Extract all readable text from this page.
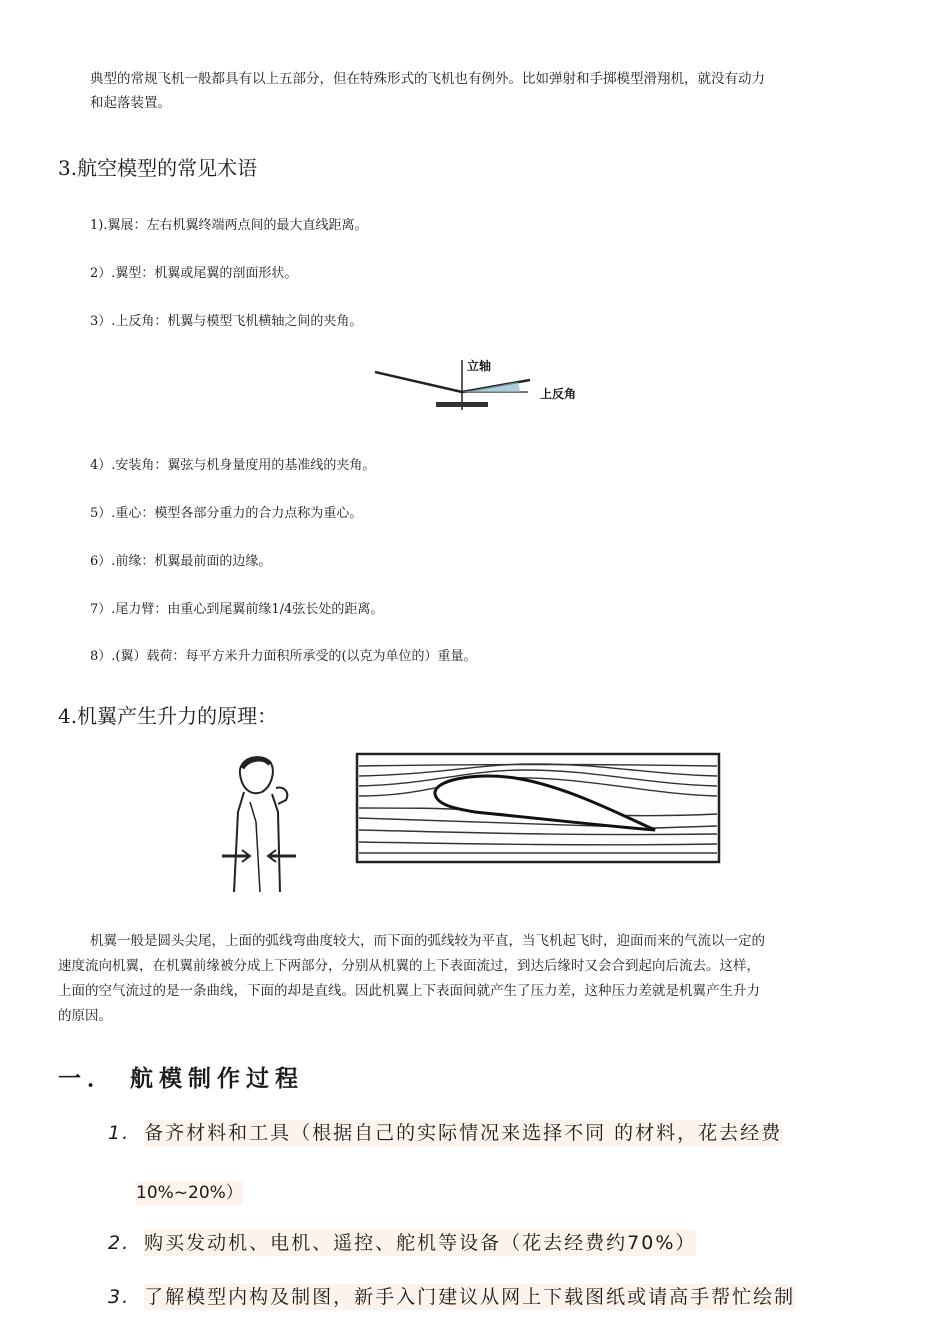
典型的常规飞机一般都具有以上五部分，但在特殊形式的飞机也有例外。比如弹射和手掷模型滑翔机，就没有动力
和起落装置。
3.航空模型的常见术语
1).翼展：左右机翼终端两点间的最大直线距离。
2）.翼型：机翼或尾翼的剖面形状。
3）.上反角：机翼与模型飞机横轴之间的夹角。
立轴
上反角
4）.安装角：翼弦与机身量度用的基准线的夹角。
5）.重心：模型各部分重力的合力点称为重心。
6）.前缘：机翼最前面的边缘。
7）.尾力臂：由重心到尾翼前缘1/4弦长处的距离。
8）.(翼）载荷：每平方米升力面积所承受的(以克为单位的）重量。
4.机翼产生升力的原理：
机翼一般是圆头尖尾，上面的弧线弯曲度较大，而下面的弧线较为平直，当飞机起飞时，迎面而来的气流以一定的
速度流向机翼，在机翼前缘被分成上下两部分，分别从机翼的上下表面流过，到达后缘时又会合到起向后流去。这样，
上面的空气流过的是一条曲线，下面的却是直线。因此机翼上下表面间就产生了压力差，这种压力差就是机翼产生升力
的原因。
一． 航模制作过程
1. 备齐材料和工具（根据自己的实际情况来选择不同 的材料，花去经费
10%~20%）
2. 购买发动机、电机、遥控、舵机等设备（花去经费约70%）
3. 了解模型内构及制图，新手入门建议从网上下载图纸或请高手帮忙绘制
